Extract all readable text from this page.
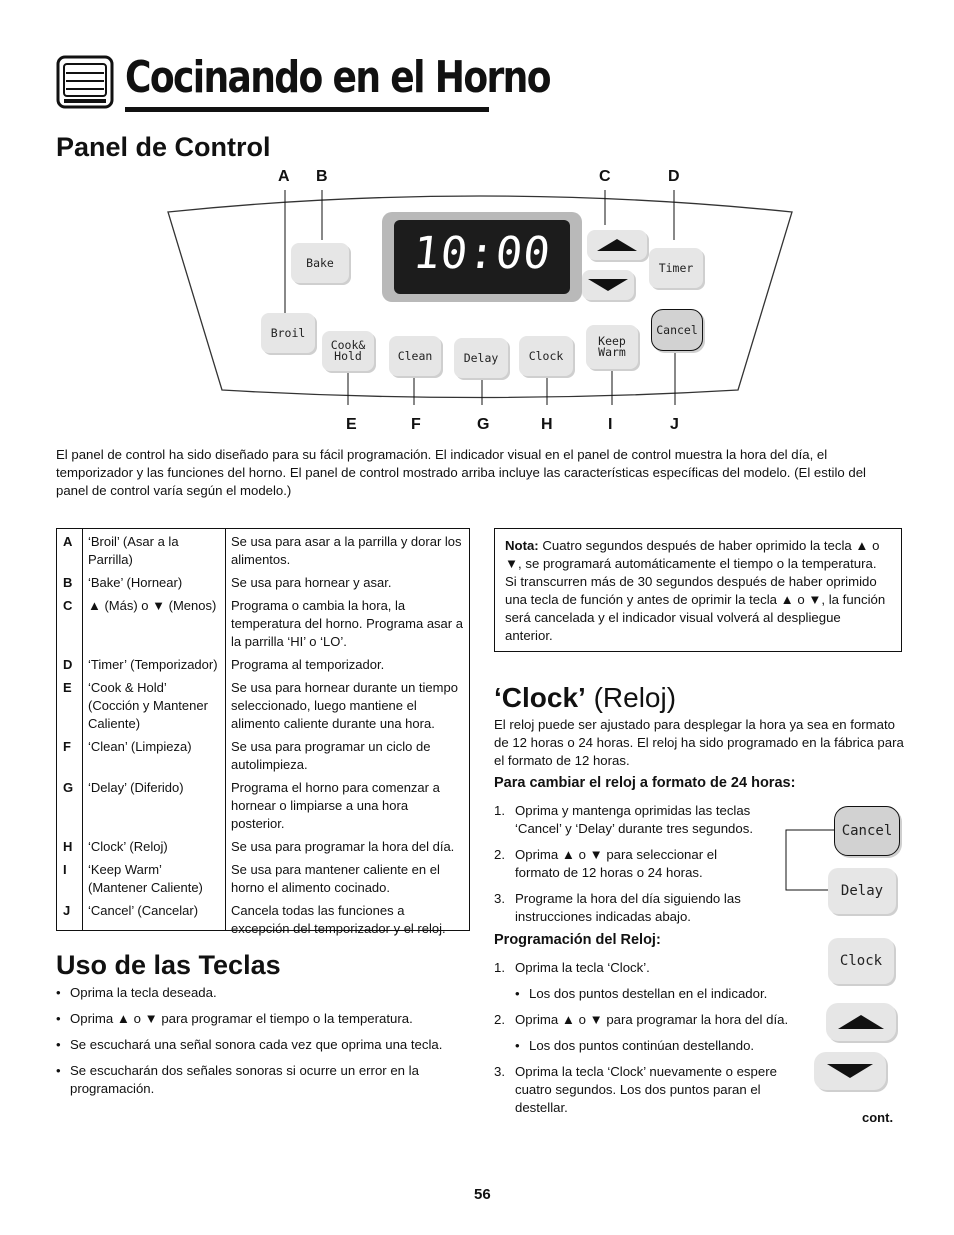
Cocinando en el Horno
Panel de Control
A B	C	D
10:00
Bake	Timer
Broil
Cook& Hold	Clean	Delay	Clock
Keep Warm
Cancel
E	F	G	H	I	J
El panel de control ha sido diseñado para su fácil programación. El indicador visual en el panel de control muestra la hora del día, el temporizador y las funciones del horno. El panel de control mostrado arriba incluye las características específicas del modelo. (El estilo del panel de control varía según el modelo.)
A	‘Broil’ (Asar a la Parrilla)	Se usa para asar a la parrilla y dorar los alimentos.
B	‘Bake’ (Hornear)	Se usa para hornear y asar.
C	▲ (Más) o ▼ (Menos)	Programa o cambia la hora, la temperatura del horno. Programa asar a la parrilla ‘HI’ o ‘LO’.
D	‘Timer’ (Temporizador)	Programa al temporizador.
E	‘Cook & Hold’ (Cocción y Mantener Caliente)	Se usa para hornear durante un tiempo seleccionado, luego mantiene el alimento caliente durante una hora.
F	‘Clean’ (Limpieza)	Se usa para programar un ciclo de autolimpieza.
G	‘Delay’ (Diferido)	Programa el horno para comenzar a hornear o limpiarse a una hora posterior.
H	‘Clock’ (Reloj)	Se usa para programar la hora del día.
I	‘Keep Warm’ (Mantener Caliente)	Se usa para mantener caliente en el horno el alimento cocinado.
J	‘Cancel’ (Cancelar)	Cancela todas las funciones a excepción del temporizador y el reloj.
Uso de las Teclas
• Oprima la tecla deseada.
• Oprima ▲ o ▼ para programar el tiempo o la temperatura.
• Se escuchará una señal sonora cada vez que oprima una tecla.
• Se escucharán dos señales sonoras si ocurre un error en la programación.
Nota: Cuatro segundos después de haber oprimido la tecla ▲ o ▼, se programará automáticamente el tiempo o la temperatura. Si transcurren más de 30 segundos después de haber oprimido una tecla de función y antes de oprimir la tecla ▲ o ▼, la función será cancelada y el indicador visual volverá al despliegue anterior.
‘Clock’ (Reloj)
El reloj puede ser ajustado para desplegar la hora ya sea en formato de 12 horas o 24 horas. El reloj ha sido programado en la fábrica para el formato de 12 horas.
Para cambiar el reloj a formato de 24 horas:
1. Oprima y mantenga oprimidas las teclas ‘Cancel’ y ‘Delay’ durante tres segundos.
2. Oprima ▲ o ▼ para seleccionar el formato de 12 horas o 24 horas.
3. Programe la hora del día siguiendo las instrucciones indicadas abajo.
Programación del Reloj:
1. Oprima la tecla ‘Clock’.
• Los dos puntos destellan en el indicador.
2. Oprima ▲ o ▼ para programar la hora del día.
• Los dos puntos continúan destellando.
3. Oprima la tecla ‘Clock’ nuevamente o espere cuatro segundos. Los dos puntos paran el destellar.
Cancel
Delay
Clock
cont.
56
